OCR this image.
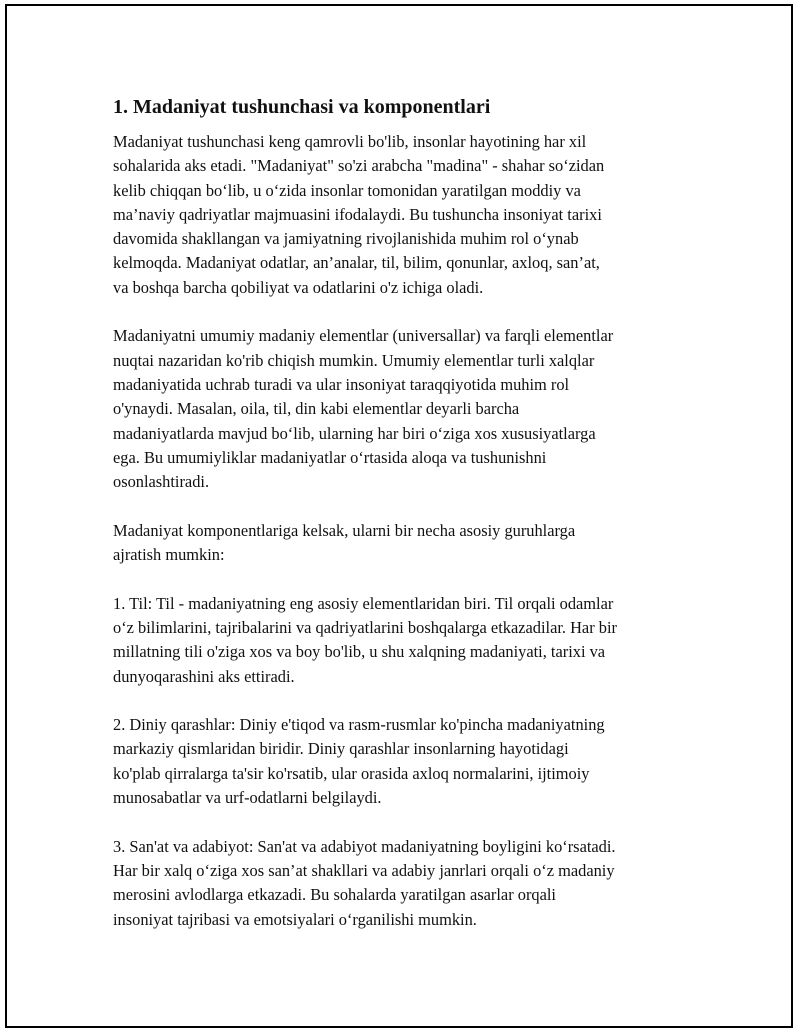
1. Madaniyat tushunchasi va komponentlari
Madaniyat tushunchasi keng qamrovli bo'lib, insonlar hayotining har xil
sohalarida aks etadi. "Madaniyat" so'zi arabcha "madina" - shahar so‘zidan
kelib chiqqan bo‘lib, u o‘zida insonlar tomonidan yaratilgan moddiy va
ma’naviy qadriyatlar majmuasini ifodalaydi. Bu tushuncha insoniyat tarixi
davomida shakllangan va jamiyatning rivojlanishida muhim rol o‘ynab
kelmoqda. Madaniyat odatlar, an’analar, til, bilim, qonunlar, axloq, san’at,
va boshqa barcha qobiliyat va odatlarini o'z ichiga oladi.
Madaniyatni umumiy madaniy elementlar (universallar) va farqli elementlar
nuqtai nazaridan ko'rib chiqish mumkin. Umumiy elementlar turli xalqlar
madaniyatida uchrab turadi va ular insoniyat taraqqiyotida muhim rol
o'ynaydi. Masalan, oila, til, din kabi elementlar deyarli barcha
madaniyatlarda mavjud bo‘lib, ularning har biri o‘ziga xos xususiyatlarga
ega. Bu umumiyliklar madaniyatlar o‘rtasida aloqa va tushunishni
osonlashtiradi.
Madaniyat komponentlariga kelsak, ularni bir necha asosiy guruhlarga
ajratish mumkin:
1. Til: Til - madaniyatning eng asosiy elementlaridan biri. Til orqali odamlar
o‘z bilimlarini, tajribalarini va qadriyatlarini boshqalarga etkazadilar. Har bir
millatning tili o'ziga xos va boy bo'lib, u shu xalqning madaniyati, tarixi va
dunyoqarashini aks ettiradi.
2. Diniy qarashlar: Diniy e'tiqod va rasm-rusmlar ko'pincha madaniyatning
markaziy qismlaridan biridir. Diniy qarashlar insonlarning hayotidagi
ko'plab qirralarga ta'sir ko'rsatib, ular orasida axloq normalarini, ijtimoiy
munosabatlar va urf-odatlarni belgilaydi.
3. San'at va adabiyot: San'at va adabiyot madaniyatning boyligini ko‘rsatadi.
Har bir xalq o‘ziga xos san’at shakllari va adabiy janrlari orqali o‘z madaniy
merosini avlodlarga etkazadi. Bu sohalarda yaratilgan asarlar orqali
insoniyat tajribasi va emotsiyalari o‘rganilishi mumkin.
